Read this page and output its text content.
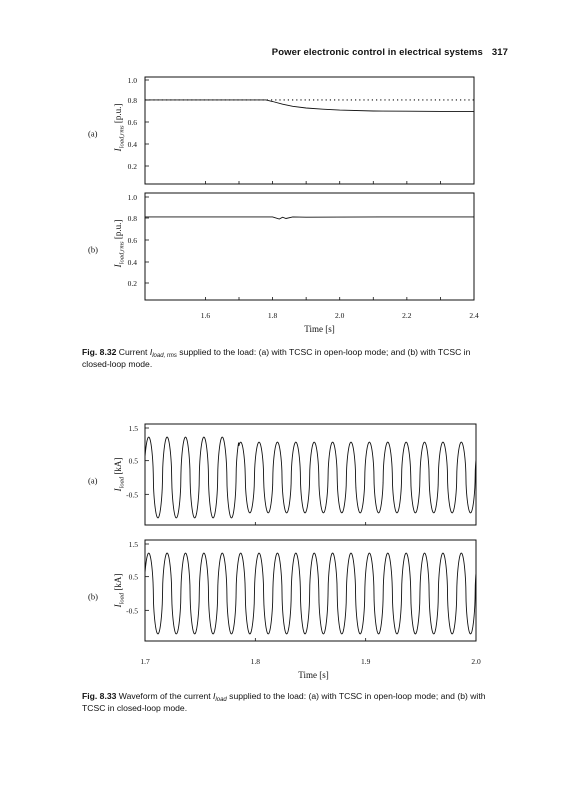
Power electronic control in electrical systems 317
1.0
0.8
0.6
0.4
0.2
(a)
$I_{load,rms}$ [p.u.]
1.0
0.8
0.6
0.4
0.2
(b)
$I_{load,rms}$ [p.u.]
1.6	1.8	2.0	2.2	2.4
Time [s]
1.5
0.5
-0.5
(a)
$I_{load}$ [kA]
1.5
0.5
-0.5
(b)
$I_{load}$ [kA]
1.7	1.8	1.9	2.0
Time [s]
Fig. 8.32 Current $I_{load, rms}$ supplied to the load: (a) with TCSC in open-loop mode; and (b) with TCSC in closed-loop mode.
Fig. 8.33 Waveform of the current $I_{load}$ supplied to the load: (a) with TCSC in open-loop mode; and (b) with TCSC in closed-loop mode.
